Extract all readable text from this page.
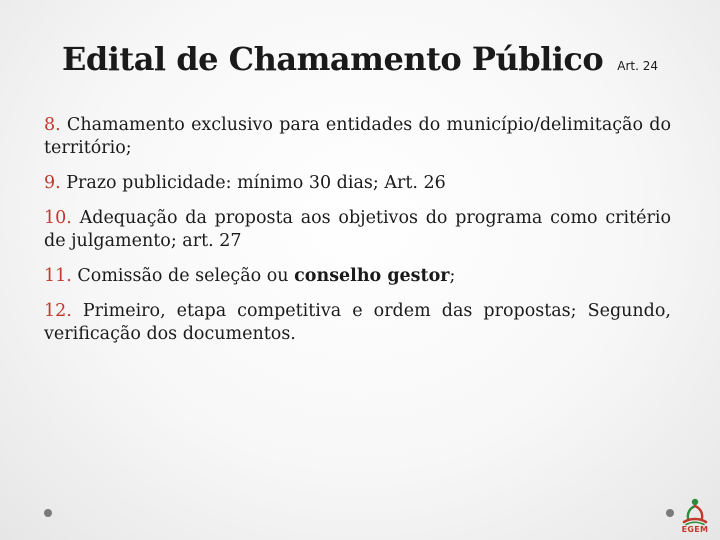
Edital de Chamamento Público Art. 24

8. Chamamento exclusivo para entidades do município/delimitação do território;

9. Prazo publicidade: mínimo 30 dias; Art. 26

10. Adequação da proposta aos objetivos do programa como critério de julgamento; art. 27

11. Comissão de seleção ou conselho gestor;

12. Primeiro, etapa competitiva e ordem das propostas; Segundo, verificação dos documentos.

EGEM
